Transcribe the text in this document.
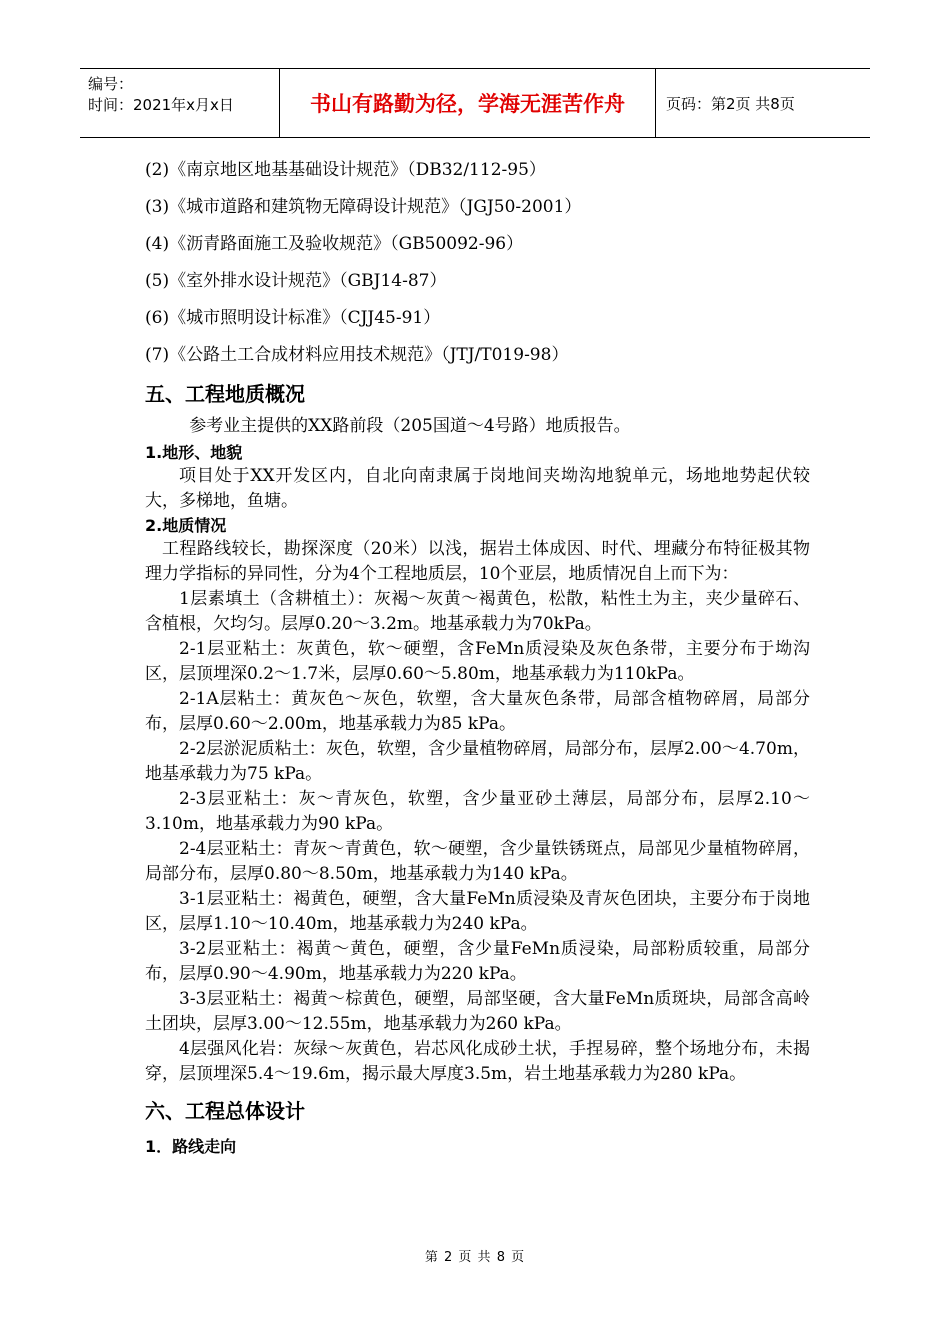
编号：
时间：2021年x月x日	书山有路勤为径，学海无涯苦作舟	页码：第2页 共8页

(2)《南京地区地基基础设计规范》（DB32/112-95）

(3)《城市道路和建筑物无障碍设计规范》（JGJ50-2001）

(4)《沥青路面施工及验收规范》（GB50092-96）

(5)《室外排水设计规范》（GBJ14-87）

(6)《城市照明设计标准》（CJJ45-91）

(7)《公路土工合成材料应用技术规范》（JTJ/T019-98）

五、工程地质概况

参考业主提供的XX路前段（205国道～4号路）地质报告。

1.地形、地貌

项目处于XX开发区内，自北向南隶属于岗地间夹坳沟地貌单元，场地地势起伏较大，多梯地，鱼塘。

2.地质情况

工程路线较长，勘探深度（20米）以浅，据岩土体成因、时代、埋藏分布特征极其物理力学指标的异同性，分为4个工程地质层，10个亚层，地质情况自上而下为：

1层素填土（含耕植土）：灰褐～灰黄～褐黄色，松散，粘性土为主，夹少量碎石、含植根，欠均匀。层厚0.20～3.2m。地基承载力为70kPa。

2-1层亚粘土：灰黄色，软～硬塑，含FeMn质浸染及灰色条带，主要分布于坳沟区，层顶埋深0.2～1.7米，层厚0.60～5.80m，地基承载力为110kPa。

2-1A层粘土：黄灰色～灰色，软塑，含大量灰色条带，局部含植物碎屑，局部分布，层厚0.60～2.00m，地基承载力为85 kPa。

2-2层淤泥质粘土：灰色，软塑，含少量植物碎屑，局部分布，层厚2.00～4.70m，地基承载力为75 kPa。

2-3层亚粘土：灰～青灰色，软塑，含少量亚砂土薄层，局部分布，层厚2.10～3.10m，地基承载力为90 kPa。

2-4层亚粘土：青灰～青黄色，软～硬塑，含少量铁锈斑点，局部见少量植物碎屑，局部分布，层厚0.80～8.50m，地基承载力为140 kPa。

3-1层亚粘土：褐黄色，硬塑，含大量FeMn质浸染及青灰色团块，主要分布于岗地区，层厚1.10～10.40m，地基承载力为240 kPa。

3-2层亚粘土：褐黄～黄色，硬塑，含少量FeMn质浸染，局部粉质较重，局部分布，层厚0.90～4.90m，地基承载力为220 kPa。

3-3层亚粘土：褐黄～棕黄色，硬塑，局部坚硬，含大量FeMn质斑块，局部含高岭土团块，层厚3.00～12.55m，地基承载力为260 kPa。

4层强风化岩：灰绿～灰黄色，岩芯风化成砂土状，手捏易碎，整个场地分布，未揭穿，层顶埋深5.4～19.6m，揭示最大厚度3.5m，岩土地基承载力为280 kPa。

六、工程总体设计

1．路线走向

第 2 页 共 8 页
